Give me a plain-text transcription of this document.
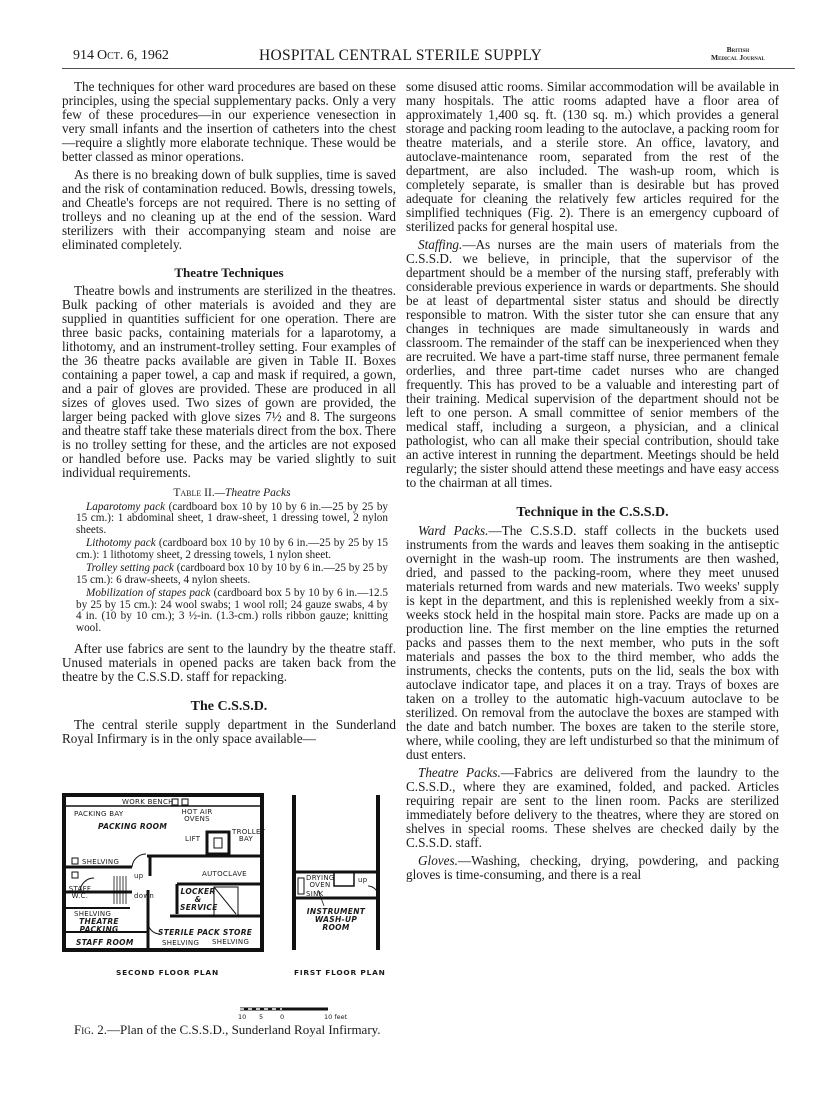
914 Oct. 6, 1962	HOSPITAL CENTRAL STERILE SUPPLY	British
Medical Journal

The techniques for other ward procedures are based on these principles, using the special supplementary packs. Only a very few of these procedures—in our experience venesection in very small infants and the insertion of catheters into the chest—require a slightly more elaborate technique. These would be better classed as minor operations.

As there is no breaking down of bulk supplies, time is saved and the risk of contamination reduced. Bowls, dressing towels, and Cheatle's forceps are not required. There is no setting of trolleys and no cleaning up at the end of the session. Ward sterilizers with their accompanying steam and noise are eliminated completely.

Theatre Techniques

Theatre bowls and instruments are sterilized in the theatres. Bulk packing of other materials is avoided and they are supplied in quantities sufficient for one operation. There are three basic packs, containing materials for a laparotomy, a lithotomy, and an instrument-trolley setting. Four examples of the 36 theatre packs available are given in Table II. Boxes containing a paper towel, a cap and mask if required, a gown, and a pair of gloves are provided. These are produced in all sizes of gloves used. Two sizes of gown are provided, the larger being packed with glove sizes 7½ and 8. The surgeons and theatre staff take these materials direct from the box. There is no trolley setting for these, and the articles are not exposed or handled before use. Packs may be varied slightly to suit individual requirements.

Table II.—Theatre Packs
Laparotomy pack (cardboard box 10 by 10 by 6 in.—25 by 25 by 15 cm.): 1 abdominal sheet, 1 draw-sheet, 1 dressing towel, 2 nylon sheets.
Lithotomy pack (cardboard box 10 by 10 by 6 in.—25 by 25 by 15 cm.): 1 lithotomy sheet, 2 dressing towels, 1 nylon sheet.
Trolley setting pack (cardboard box 10 by 10 by 6 in.—25 by 25 by 15 cm.): 6 draw-sheets, 4 nylon sheets.
Mobilization of stapes pack (cardboard box 5 by 10 by 6 in.—12.5 by 25 by 15 cm.): 24 wool swabs; 1 wool roll; 24 gauze swabs, 4 by 4 in. (10 by 10 cm.); 3 ½-in. (1.3-cm.) rolls ribbon gauze; knitting wool.

After use fabrics are sent to the laundry by the theatre staff. Unused materials in opened packs are taken back from the theatre by the C.S.S.D. staff for repacking.

The C.S.S.D.

The central sterile supply department in the Sunderland Royal Infirmary is in the only space available—

WORK BENCH
PACKING BAY	HOT AIR OVENS
PACKING ROOM
LIFT
TROLLEY BAY
SHELVING
up
down
AUTOCLAVE
STAFF W.C.	LOCKER & SERVICE
SHELVING
THEATRE PACKING
STAFF ROOM
STERILE PACK STORE
SHELVING SHELVING
DRYING OVEN
SINK
up
INSTRUMENT WASH-UP ROOM
SECOND FLOOR PLAN	FIRST FLOOR PLAN
10 5	0	10 feet
Fig. 2.—Plan of the C.S.S.D., Sunderland Royal Infirmary.

some disused attic rooms. Similar accommodation will be available in many hospitals. The attic rooms adapted have a floor area of approximately 1,400 sq. ft. (130 sq. m.) which provides a general storage and packing room leading to the autoclave, a packing room for theatre materials, and a sterile store. An office, lavatory, and autoclave-maintenance room, separated from the rest of the department, are also included. The wash-up room, which is completely separate, is smaller than is desirable but has proved adequate for cleaning the relatively few articles required for the simplified techniques (Fig. 2). There is an emergency cupboard of sterilized packs for general hospital use.

Staffing.—As nurses are the main users of materials from the C.S.S.D. we believe, in principle, that the supervisor of the department should be a member of the nursing staff, preferably with considerable previous experience in wards or departments. She should be at least of departmental sister status and should be directly responsible to matron. With the sister tutor she can ensure that any changes in techniques are made simultaneously in wards and classroom. The remainder of the staff can be inexperienced when they are recruited. We have a part-time staff nurse, three permanent female orderlies, and three part-time cadet nurses who are changed frequently. This has proved to be a valuable and interesting part of their training. Medical supervision of the department should not be left to one person. A small committee of senior members of the medical staff, including a surgeon, a physician, and a clinical pathologist, who can all make their special contribution, should take an active interest in running the department. Meetings should be held regularly; the sister should attend these meetings and have easy access to the chairman at all times.

Technique in the C.S.S.D.

Ward Packs.—The C.S.S.D. staff collects in the buckets used instruments from the wards and leaves them soaking in the antiseptic overnight in the wash-up room. The instruments are then washed, dried, and passed to the packing-room, where they meet unused materials returned from wards and new materials. Two weeks' supply is kept in the department, and this is replenished weekly from a six-weeks stock held in the hospital main store. Packs are made up on a production line. The first member on the line empties the returned packs and passes them to the next member, who puts in the soft materials and passes the box to the third member, who adds the instruments, checks the contents, puts on the lid, seals the box with autoclave indicator tape, and places it on a tray. Trays of boxes are taken on a trolley to the automatic high-vacuum autoclave to be sterilized. On removal from the autoclave the boxes are stamped with the date and batch number. The boxes are taken to the sterile store, where, while cooling, they are left undisturbed so that the minimum of dust enters.

Theatre Packs.—Fabrics are delivered from the laundry to the C.S.S.D., where they are examined, folded, and packed. Articles requiring repair are sent to the linen room. Packs are sterilized immediately before delivery to the theatres, where they are stored on shelves in special rooms. These shelves are checked daily by the C.S.S.D. staff.

Gloves.—Washing, checking, drying, powdering, and packing gloves is time-consuming, and there is a real
